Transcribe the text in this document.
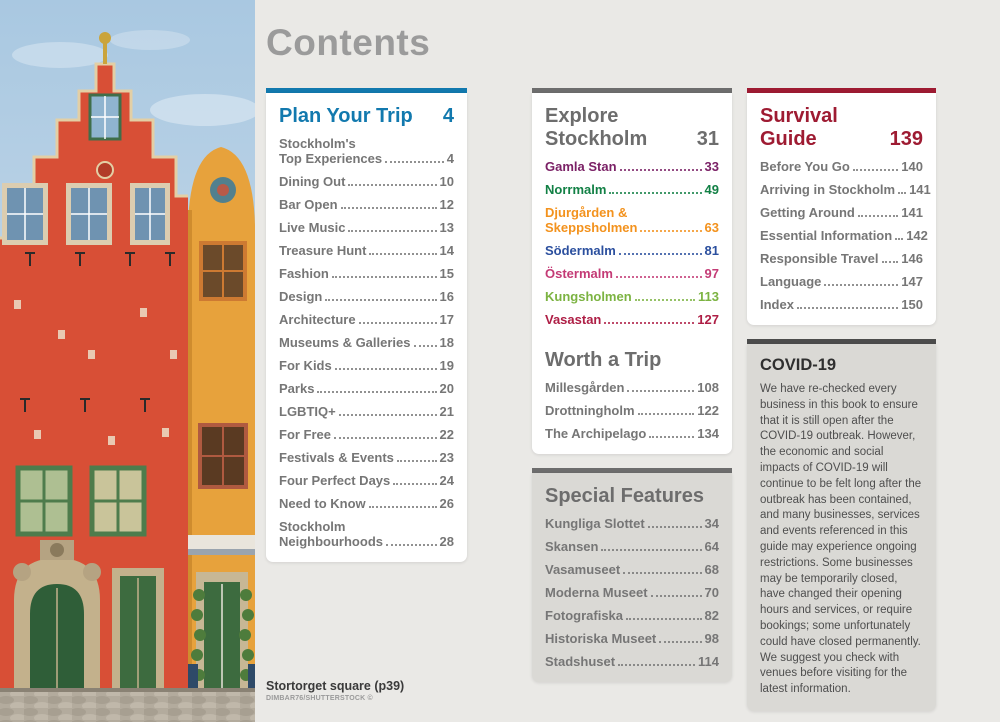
Contents
Plan Your Trip 4
Stockholm's
Top Experiences	4
Dining Out	10
Bar Open	12
Live Music	13
Treasure Hunt	14
Fashion	15
Design	16
Architecture	17
Museums & Galleries 18
For Kids	19
Parks	20
LGBTIQ+	21
For Free	22
Festivals & Events	23
Four Perfect Days	24
Need to Know	26
Stockholm
Neighbourhoods	28
Explore
Stockholm 31
Gamla Stan	33
Norrmalm	49
Djurgården &
Skeppsholmen	63
Södermalm	81
Östermalm	97
Kungsholmen	113
Vasastan	127
Worth a Trip
Millesgården	108
Drottningholm	122
The Archipelago	134
Special Features
Kungliga Slottet	34
Skansen	64
Vasamuseet	68
Moderna Museet	70
Fotografiska	82
Historiska Museet	98
Stadshuset	114
Survival
Guide	139
Before You Go	140
Arriving in Stockholm 141
Getting Around	141
Essential Information 142
Responsible Travel 146
Language	147
Index	150
COVID-19
We have re-checked every business in this book to ensure that it is still open after the COVID-19 outbreak. However, the economic and social impacts of COVID-19 will continue to be felt long after the outbreak has been contained, and many businesses, services and events referenced in this guide may experience ongoing restrictions. Some businesses may be temporarily closed, have changed their opening hours and services, or require bookings; some unfortunately could have closed permanently. We suggest you check with venues before visiting for the latest information.
Stortorget square (p39)
DIMBAR76/SHUTTERSTOCK ©
